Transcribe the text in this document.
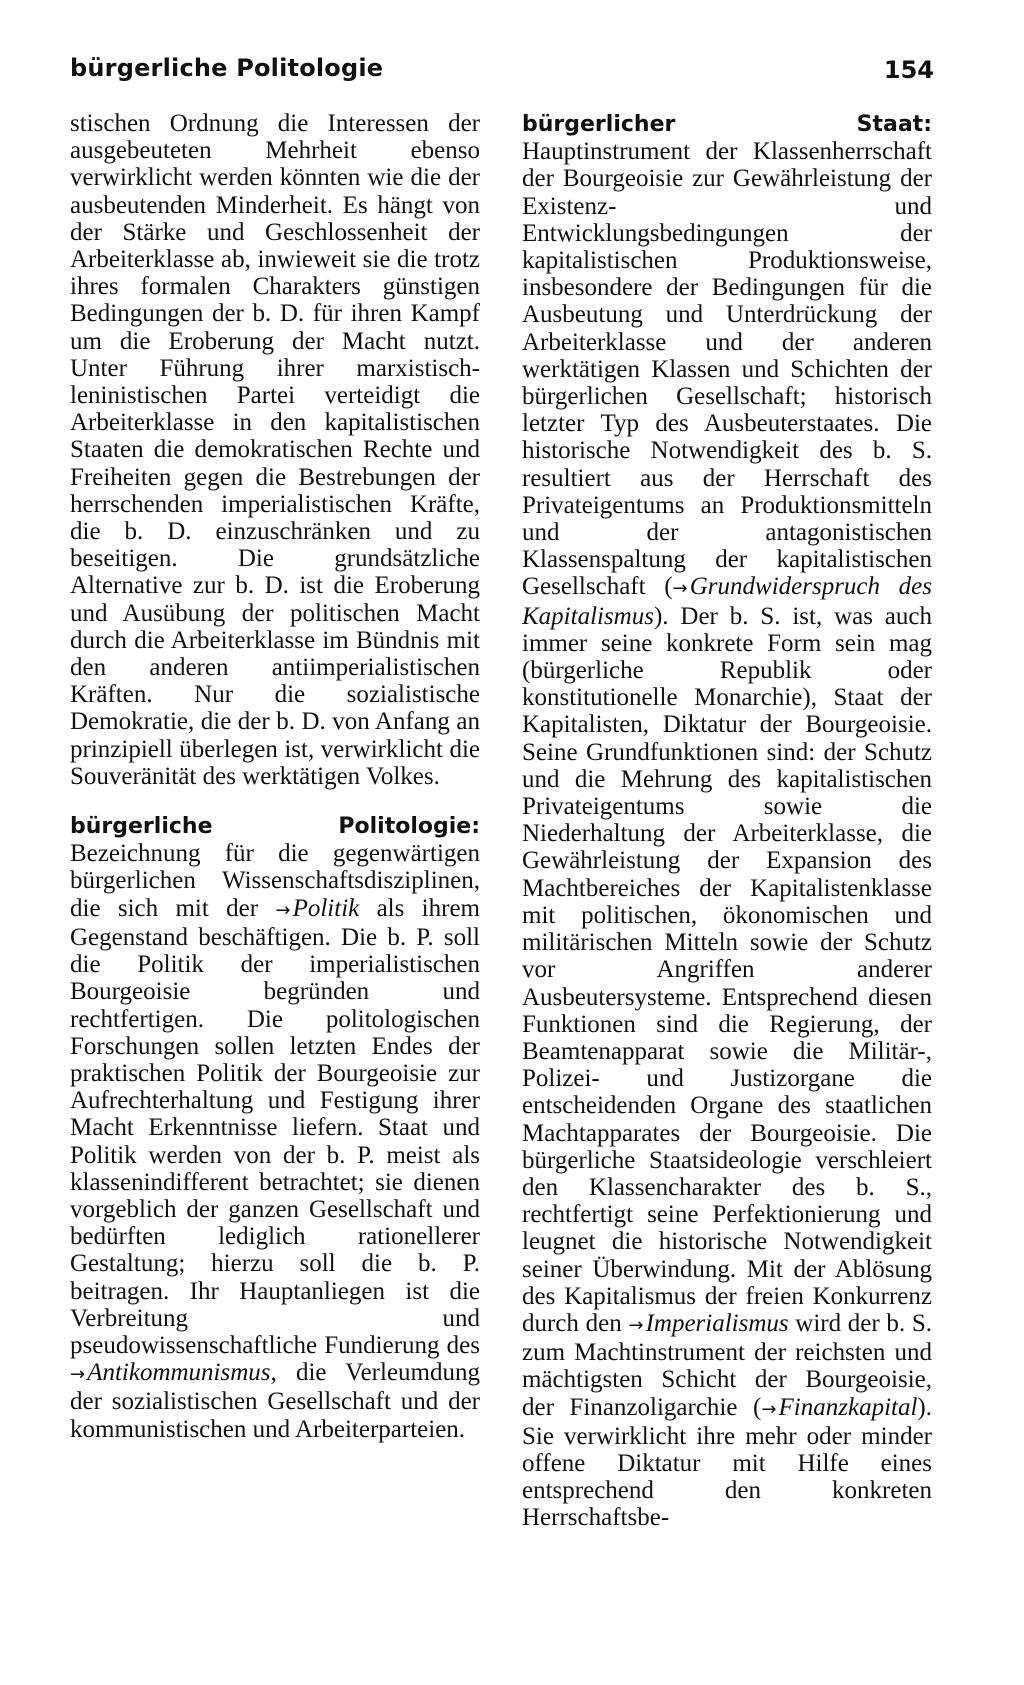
bürgerliche Politologie	154

stischen Ordnung die Interessen der ausgebeuteten Mehrheit ebenso verwirklicht werden könnten wie die der ausbeutenden Minderheit. Es hängt von der Stärke und Geschlossenheit der Arbeiterklasse ab, inwieweit sie die trotz ihres formalen Charakters günstigen Bedingungen der b. D. für ihren Kampf um die Eroberung der Macht nutzt. Unter Führung ihrer marxistisch-leninistischen Partei verteidigt die Arbeiterklasse in den kapitalistischen Staaten die demokratischen Rechte und Freiheiten gegen die Bestrebungen der herrschenden imperialistischen Kräfte, die b. D. einzuschränken und zu beseitigen. Die grundsätzliche Alternative zur b. D. ist die Eroberung und Ausübung der politischen Macht durch die Arbeiterklasse im Bündnis mit den anderen antiimperialistischen Kräften. Nur die sozialistische Demokratie, die der b. D. von Anfang an prinzipiell überlegen ist, verwirklicht die Souveränität des werktätigen Volkes.

bürgerliche Politologie: Bezeichnung für die gegenwärtigen bürgerlichen Wissenschaftsdisziplinen, die sich mit der → Politik als ihrem Gegenstand beschäftigen. Die b. P. soll die Politik der imperialistischen Bourgeoisie begründen und rechtfertigen. Die politologischen Forschungen sollen letzten Endes der praktischen Politik der Bourgeoisie zur Aufrechterhaltung und Festigung ihrer Macht Erkenntnisse liefern. Staat und Politik werden von der b. P. meist als klassenindifferent betrachtet; sie dienen vorgeblich der ganzen Gesellschaft und bedürften lediglich rationellerer Gestaltung; hierzu soll die b. P. beitragen. Ihr Hauptanliegen ist die Verbreitung und pseudowissenschaftliche Fundierung des → Antikommunismus, die Verleumdung der sozialistischen Gesellschaft und der kommunistischen und Arbeiterparteien.

bürgerlicher Staat: Hauptinstrument der Klassenherrschaft der Bourgeoisie zur Gewährleistung der Existenz- und Entwicklungsbedingungen der kapitalistischen Produktionsweise, insbesondere der Bedingungen für die Ausbeutung und Unterdrückung der Arbeiterklasse und der anderen werktätigen Klassen und Schichten der bürgerlichen Gesellschaft; historisch letzter Typ des Ausbeuterstaates. Die historische Notwendigkeit des b. S. resultiert aus der Herrschaft des Privateigentums an Produktionsmitteln und der antagonistischen Klassenspaltung der kapitalistischen Gesellschaft (→ Grundwiderspruch des Kapitalismus). Der b. S. ist, was auch immer seine konkrete Form sein mag (bürgerliche Republik oder konstitutionelle Monarchie), Staat der Kapitalisten, Diktatur der Bourgeoisie. Seine Grundfunktionen sind: der Schutz und die Mehrung des kapitalistischen Privateigentums sowie die Niederhaltung der Arbeiterklasse, die Gewährleistung der Expansion des Machtbereiches der Kapitalistenklasse mit politischen, ökonomischen und militärischen Mitteln sowie der Schutz vor Angriffen anderer Ausbeutersysteme. Entsprechend diesen Funktionen sind die Regierung, der Beamtenapparat sowie die Militär-, Polizei- und Justizorgane die entscheidenden Organe des staatlichen Machtapparates der Bourgeoisie. Die bürgerliche Staatsideologie verschleiert den Klassencharakter des b. S., rechtfertigt seine Perfektionierung und leugnet die historische Notwendigkeit seiner Überwindung. Mit der Ablösung des Kapitalismus der freien Konkurrenz durch den → Imperialismus wird der b. S. zum Machtinstrument der reichsten und mächtigsten Schicht der Bourgeoisie, der Finanzoligarchie (→ Finanzkapital). Sie verwirklicht ihre mehr oder minder offene Diktatur mit Hilfe eines entsprechend den konkreten Herrschaftsbe-
